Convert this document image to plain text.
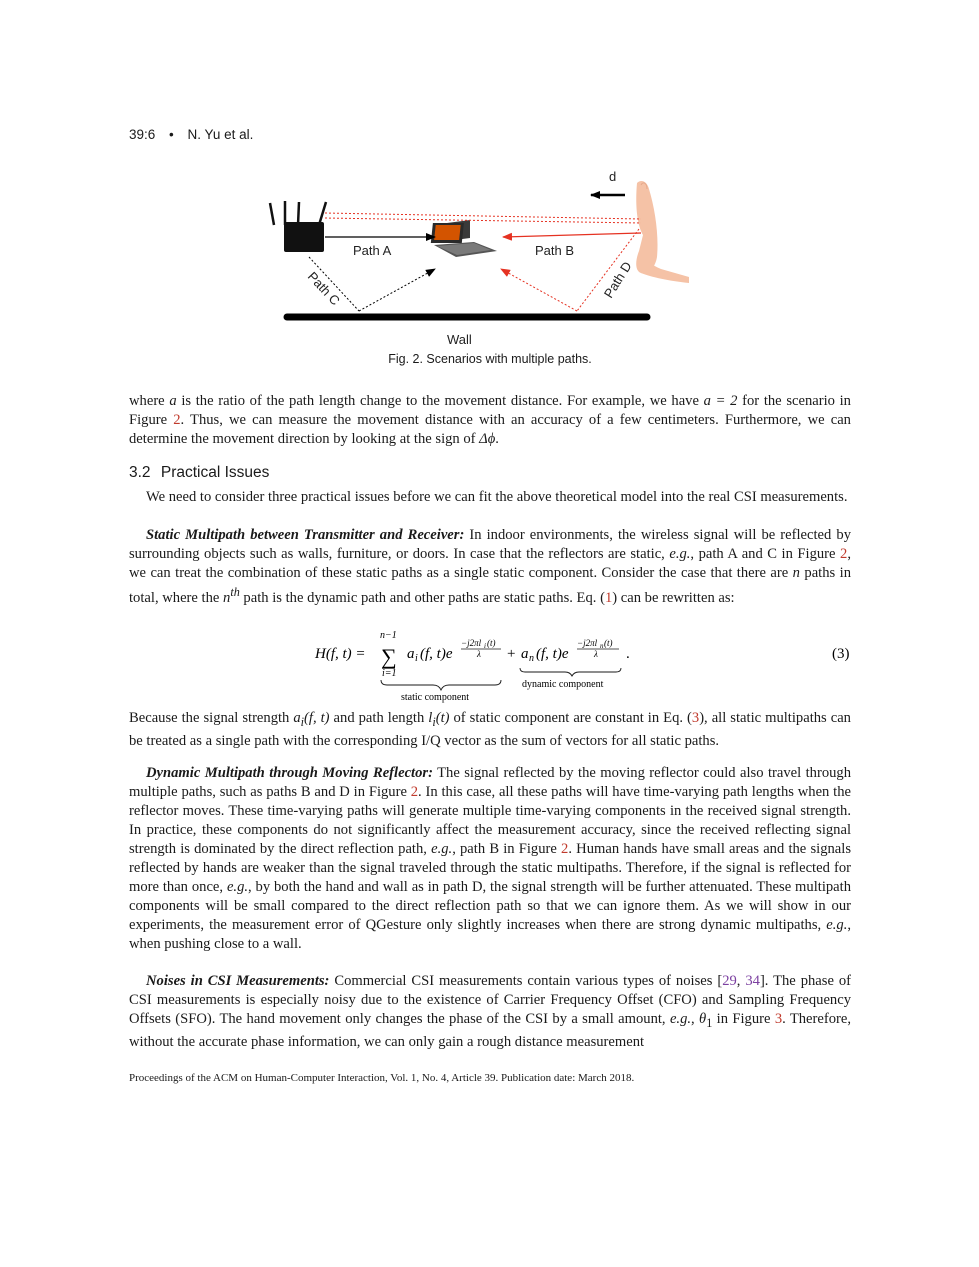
39:6 • N. Yu et al.
d
Path A	Path B
Path C	Path D
Wall
Fig. 2. Scenarios with multiple paths.
where a is the ratio of the path length change to the movement distance. For example, we have a = 2 for the scenario in Figure 2. Thus, we can measure the movement distance with an accuracy of a few centimeters. Furthermore, we can determine the movement direction by looking at the sign of Δϕ.
3.2 Practical Issues
We need to consider three practical issues before we can fit the above theoretical model into the real CSI measurements.
Static Multipath between Transmitter and Receiver: In indoor environments, the wireless signal will be reflected by surrounding objects such as walls, furniture, or doors. In case that the reflectors are static, e.g., path A and C in Figure 2, we can treat the combination of these static paths as a single static component. Consider the case that there are n paths in total, where the $n^{th}$ path is the dynamic path and other paths are static paths. Eq. (1) can be rewritten as:
H(f, t) =
n−1
∑
i=1
a i (f, t)e
−j2πl i (t)
λ + a n (f, t)e
−j2πl n (t)
λ .
static component
dynamic component
(3)
Because the signal strength $a_i(f$, t) and path length $l_i(t)$ of static component are constant in Eq. (3), all static multipaths can be treated as a single path with the corresponding I/Q vector as the sum of vectors for all static paths.
Dynamic Multipath through Moving Reflector: The signal reflected by the moving reflector could also travel through multiple paths, such as paths B and D in Figure 2. In this case, all these paths will have time-varying path lengths when the reflector moves. These time-varying paths will generate multiple time-varying components in the received signal strength. In practice, these components do not significantly affect the measurement accuracy, since the received reflecting signal strength is dominated by the direct reflection path, e.g., path B in Figure 2. Human hands have small areas and the signals reflected by hands are weaker than the signal traveled through the static multipaths. Therefore, if the signal is reflected for more than once, e.g., by both the hand and wall as in path D, the signal strength will be further attenuated. These multipath components will be small compared to the direct reflection path so that we can ignore them. As we will show in our experiments, the measurement error of QGesture only slightly increases when there are strong dynamic multipaths, e.g., when pushing close to a wall.
Noises in CSI Measurements: Commercial CSI measurements contain various types of noises [29, 34]. The phase of CSI measurements is especially noisy due to the existence of Carrier Frequency Offset (CFO) and Sampling Frequency Offsets (SFO). The hand movement only changes the phase of the CSI by a small amount, e.g., $\theta_1$ in Figure 3. Therefore, without the accurate phase information, we can only gain a rough distance measurement
Proceedings of the ACM on Human-Computer Interaction, Vol. 1, No. 4, Article 39. Publication date: March 2018.
